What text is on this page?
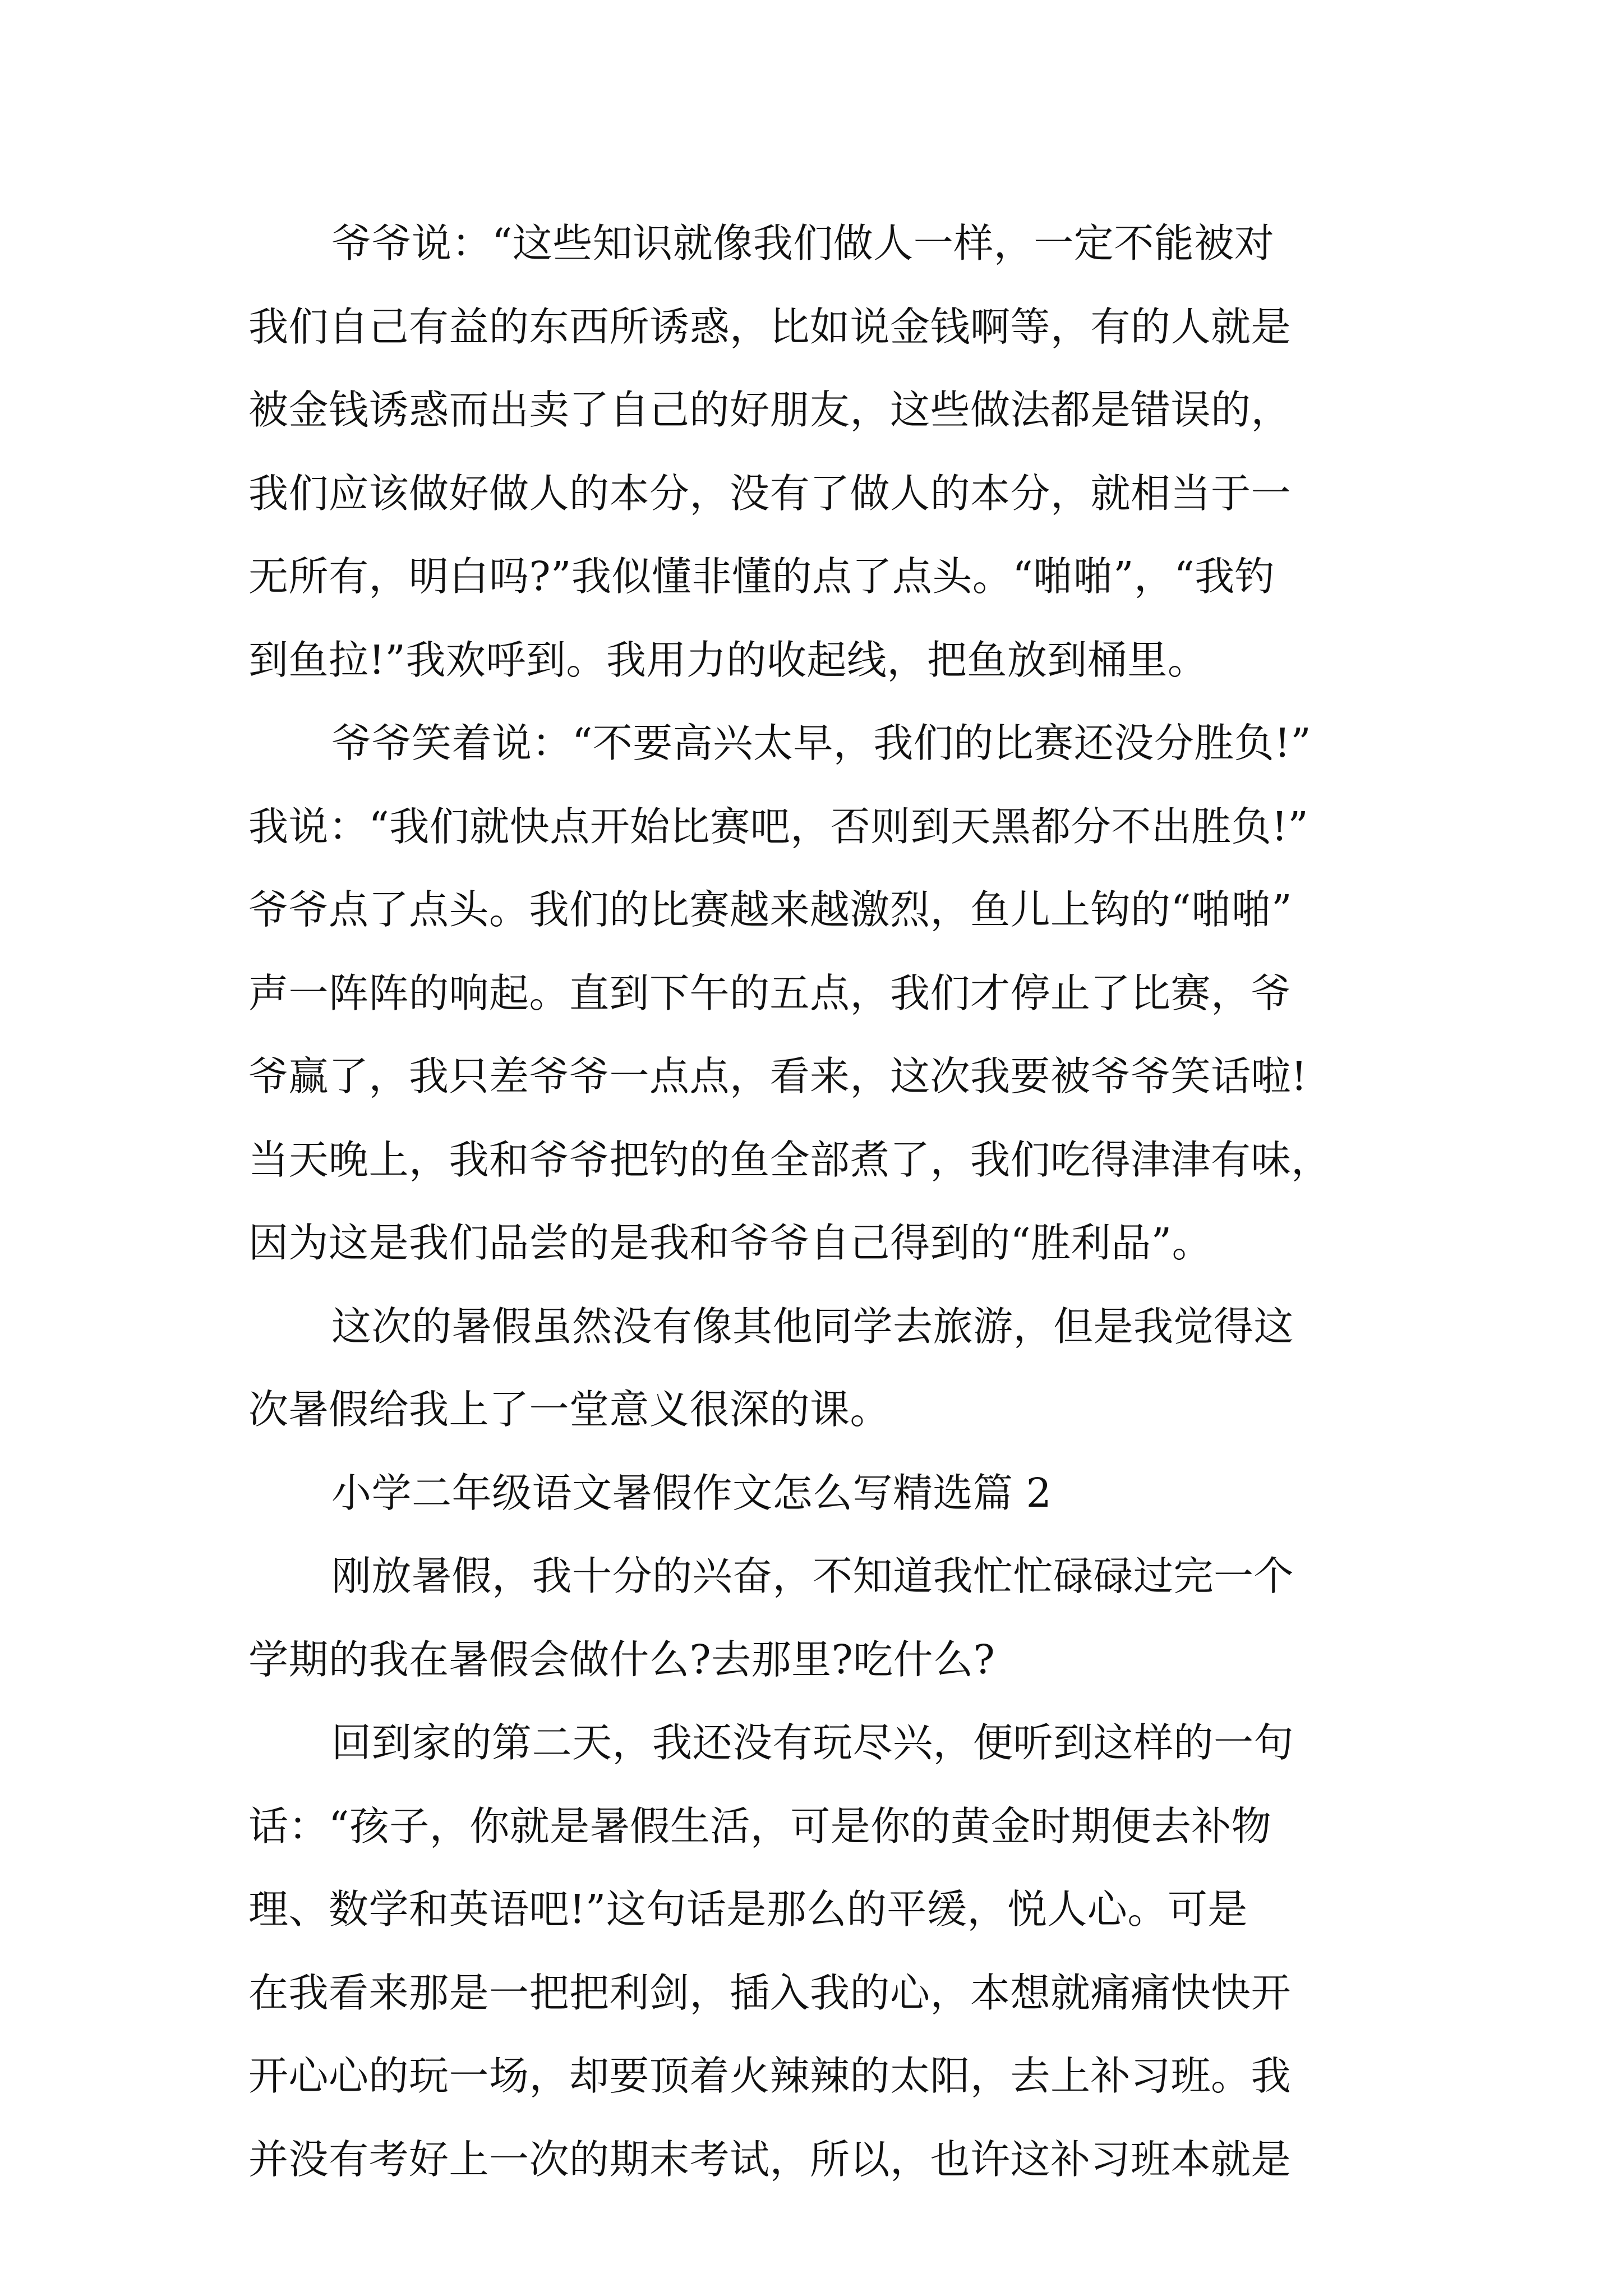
爷爷说：“这些知识就像我们做人一样，一定不能被对
我们自己有益的东西所诱惑，比如说金钱啊等，有的人就是
被金钱诱惑而出卖了自己的好朋友，这些做法都是错误的，
我们应该做好做人的本分，没有了做人的本分，就相当于一
无所有，明白吗?”我似懂非懂的点了点头。“啪啪”，“我钓
到鱼拉!”我欢呼到。我用力的收起线，把鱼放到桶里。
爷爷笑着说：“不要高兴太早，我们的比赛还没分胜负!”
我说：“我们就快点开始比赛吧，否则到天黑都分不出胜负!”
爷爷点了点头。我们的比赛越来越激烈，鱼儿上钩的“啪啪”
声一阵阵的响起。直到下午的五点，我们才停止了比赛，爷
爷赢了，我只差爷爷一点点，看来，这次我要被爷爷笑话啦!
当天晚上，我和爷爷把钓的鱼全部煮了，我们吃得津津有味，
因为这是我们品尝的是我和爷爷自己得到的“胜利品”。
这次的暑假虽然没有像其他同学去旅游，但是我觉得这
次暑假给我上了一堂意义很深的课。
小学二年级语文暑假作文怎么写精选篇 2
刚放暑假，我十分的兴奋，不知道我忙忙碌碌过完一个
学期的我在暑假会做什么?去那里?吃什么?
回到家的第二天，我还没有玩尽兴，便听到这样的一句
话：“孩子，你就是暑假生活，可是你的黄金时期便去补物
理、数学和英语吧!”这句话是那么的平缓，悦人心。可是
在我看来那是一把把利剑，插入我的心，本想就痛痛快快开
开心心的玩一场，却要顶着火辣辣的太阳，去上补习班。我
并没有考好上一次的期末考试，所以，也许这补习班本就是
